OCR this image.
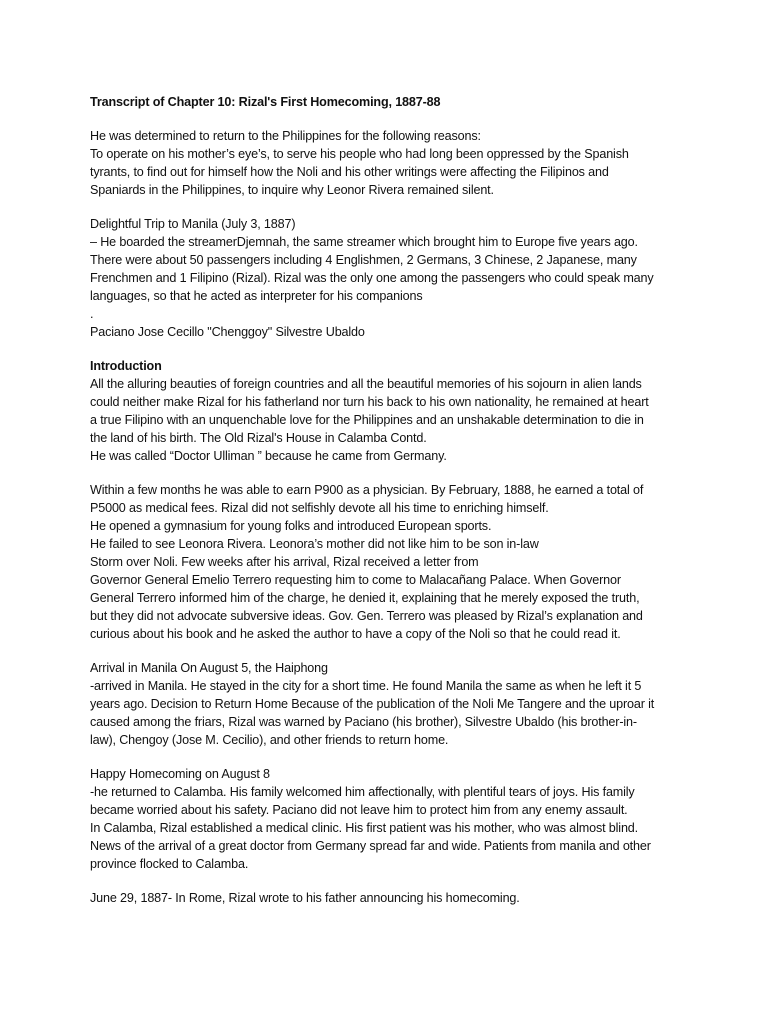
Transcript of Chapter 10: Rizal's First Homecoming, 1887-88
He was determined to return to the Philippines for the following reasons:
To operate on his mother’s eye’s, to serve his people who had long been oppressed by the Spanish
tyrants, to find out for himself how the Noli and his other writings were affecting the Filipinos and
Spaniards in the Philippines, to inquire why Leonor Rivera remained silent.
Delightful Trip to Manila (July 3, 1887)
– He boarded the streamerDjemnah, the same streamer which brought him to Europe five years ago.
There were about 50 passengers including 4 Englishmen, 2 Germans, 3 Chinese, 2 Japanese, many
Frenchmen and 1 Filipino (Rizal). Rizal was the only one among the passengers who could speak many
languages, so that he acted as interpreter for his companions
.
Paciano Jose Cecillo "Chenggoy" Silvestre Ubaldo
Introduction
All the alluring beauties of foreign countries and all the beautiful memories of his sojourn in alien lands
could neither make Rizal for his fatherland nor turn his back to his own nationality, he remained at heart
a true Filipino with an unquenchable love for the Philippines and an unshakable determination to die in
the land of his birth. The Old Rizal's House in Calamba Contd.
He was called “Doctor Ulliman ” because he came from Germany.
Within a few months he was able to earn P900 as a physician. By February, 1888, he earned a total of
P5000 as medical fees. Rizal did not selfishly devote all his time to enriching himself.
He opened a gymnasium for young folks and introduced European sports.
He failed to see Leonora Rivera. Leonora’s mother did not like him to be son in-law
Storm over Noli. Few weeks after his arrival, Rizal received a letter from
Governor General Emelio Terrero requesting him to come to Malacañang Palace. When Governor
General Terrero informed him of the charge, he denied it, explaining that he merely exposed the truth,
but they did not advocate subversive ideas. Gov. Gen. Terrero was pleased by Rizal’s explanation and
curious about his book and he asked the author to have a copy of the Noli so that he could read it.
Arrival in Manila On August 5, the Haiphong
-arrived in Manila. He stayed in the city for a short time. He found Manila the same as when he left it 5
years ago. Decision to Return Home Because of the publication of the Noli Me Tangere and the uproar it
caused among the friars, Rizal was warned by Paciano (his brother), Silvestre Ubaldo (his brother-in-
law), Chengoy (Jose M. Cecilio), and other friends to return home.
Happy Homecoming on August 8
-he returned to Calamba. His family welcomed him affectionally, with plentiful tears of joys. His family
became worried about his safety. Paciano did not leave him to protect him from any enemy assault.
In Calamba, Rizal established a medical clinic. His first patient was his mother, who was almost blind.
News of the arrival of a great doctor from Germany spread far and wide. Patients from manila and other
province flocked to Calamba.
June 29, 1887- In Rome, Rizal wrote to his father announcing his homecoming.
